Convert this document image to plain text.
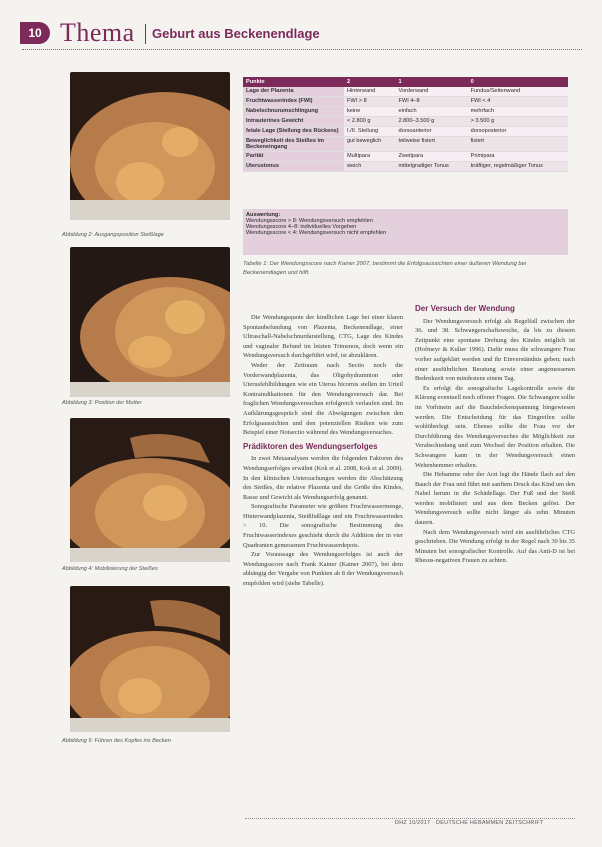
10 Thema Geburt aus Beckenendlage
Abbildung 2: Ausgangsposition Steißlage
Abbildung 3: Position der Mutter
Abbildung 4: Mobilisierung der Steißes
Abbildung 5: Führen des Kopfes ins Becken
Punkte	2	1	0
Lage der Plazenta	Hinterwand	Vorderwand	Fundus/Seitenwand
Fruchtwasserindex (FWI)	FWI > 8	FWI 4–8	FWI < 4
Nabelschnurumschlingung	keine	einfach	mehrfach
Intrauterines Gewicht	< 2.800 g	2.800–3.500 g	> 3.500 g
fetale Lage (Stellung des Rückens)	I./II. Stellung	dorsoanterior	dorsoposterior
Beweglichkeit des Steißes im Beckeneingang	gut beweglich	teilweise fixiert	fixiert
Parität	Multipara	Zweitpara	Primipara
Uterustonus	weich	mittelgradiger Tonus	kräftiger, regelmäßiger Tonus
Auswertung:
Wendungsscore > 8: Wendungsversuch empfehlen
Wendungsscore 4–8: individuelles Vorgehen
Wendungsscore < 4: Wendungsversuch nicht empfehlen
Tabelle 1: Der Wendungsscore nach Kainer 2007, bestimmt die Erfolgsaussichten einer äußeren Wendung bei Beckenendlagen und hilft.

Die Wendungsquote der kindlichen Lage bei einer klaren Spontanbefundung von Plazenta, Beckenendlage, einer Ultraschall-Nabelschnurdarstellung, CTG, Lage des Kindes und vaginaler Befund im letzten Trimenon, doch wenn ein Wendungsversuch durchgeführt wird, ist abzuklären.

Weder der Zeitraum nach Sectio noch die Vorderwandplazenta, das Oligohydramnion oder Uterusfehlbildungen wie ein Uterus bicornis stellen im Urteil Kontraindikationen für den Wendungsversuch dar. Bei fraglichen Wendungsversuchen erfolgreich verlaufen sind. Im Aufklärungsgespräch sind die Abwägungen zwischen den Erfolgsaussichten und den potenziellen Risiken wie zum Beispiel einer Notsectio während des Wendungsversuches.

Prädiktoren des Wendungserfolges

In zwei Metaanalysen werden die folgenden Faktoren des Wendungserfolges erwähnt (Kok et al. 2008, Kok et al. 2009). In den klinischen Untersuchungen werden die Abschätzung des Steißes, die relative Plazenta und die Größe des Kindes, Rasse und Gewicht als Wendungserfolg genannt.

Sonografische Parameter wie größere Fruchtwassermenge, Hinterwandplazenta, Steißfußlage und ein Fruchtwasserindex > 10. Die sonografische Bestimmung des Fruchtwasserindexes geschieht durch die Addition der in vier Quadranten gemessenen Fruchtwasserdepots.

Zur Voraussage des Wendungserfolges ist auch der Wendungsscore nach Frank Kainer (Kainer 2007), bei dem abhängig der Vergabe von Punkten ab 8 der Wendungsversuch empfohlen wird (siehe Tabelle).

Der Versuch der Wendung

Der Wendungsversuch erfolgt als Regelfall zwischen der 36. und 38. Schwangerschaftswoche, da bis zu diesem Zeitpunkt eine spontane Drehung des Kindes möglich ist (Hofmeyr & Kulier 1996). Dafür muss die schwangere Frau vorher aufgeklärt werden und ihr Einverständnis geben; nach einer ausführlichen Beratung sowie einer angemessenen Bedenkzeit von mindestens einem Tag.

Es erfolgt die sonografische Lagekontrolle sowie die Klärung eventuell noch offener Fragen. Die Schwangere sollte im Vorhinein auf die Bauchdeckenspannung hingewiesen werden. Die Entscheidung für das Eingreifen sollte wohlüberlegt sein. Ebenso sollte die Frau vor der Durchführung des Wendungsversuches die Möglichkeit zur Verabschiedung und zum Wechsel der Position erhalten. Die Schwangere kann in der Wendungsversuch einen Wehenhemmer erhalten.

Die Hebamme oder der Arzt legt die Hände flach auf den Bauch der Frau und führt mit sanftem Druck das Kind um den Nabel herum in die Schädellage. Der Fuß und der Steiß werden mobilisiert und aus dem Becken gelöst. Der Wendungsversuch sollte nicht länger als zehn Minuten dauern.

Nach dem Wendungsversuch wird ein ausführliches CTG geschrieben. Die Wendung erfolgt in der Regel nach 30 bis 35 Minuten bei sonografischer Kontrolle. Auf das Anti-D ist bei Rhesus-negativen Frauen zu achten.

DHZ 10/2017 · DEUTSCHE HEBAMMEN ZEITSCHRIFT
